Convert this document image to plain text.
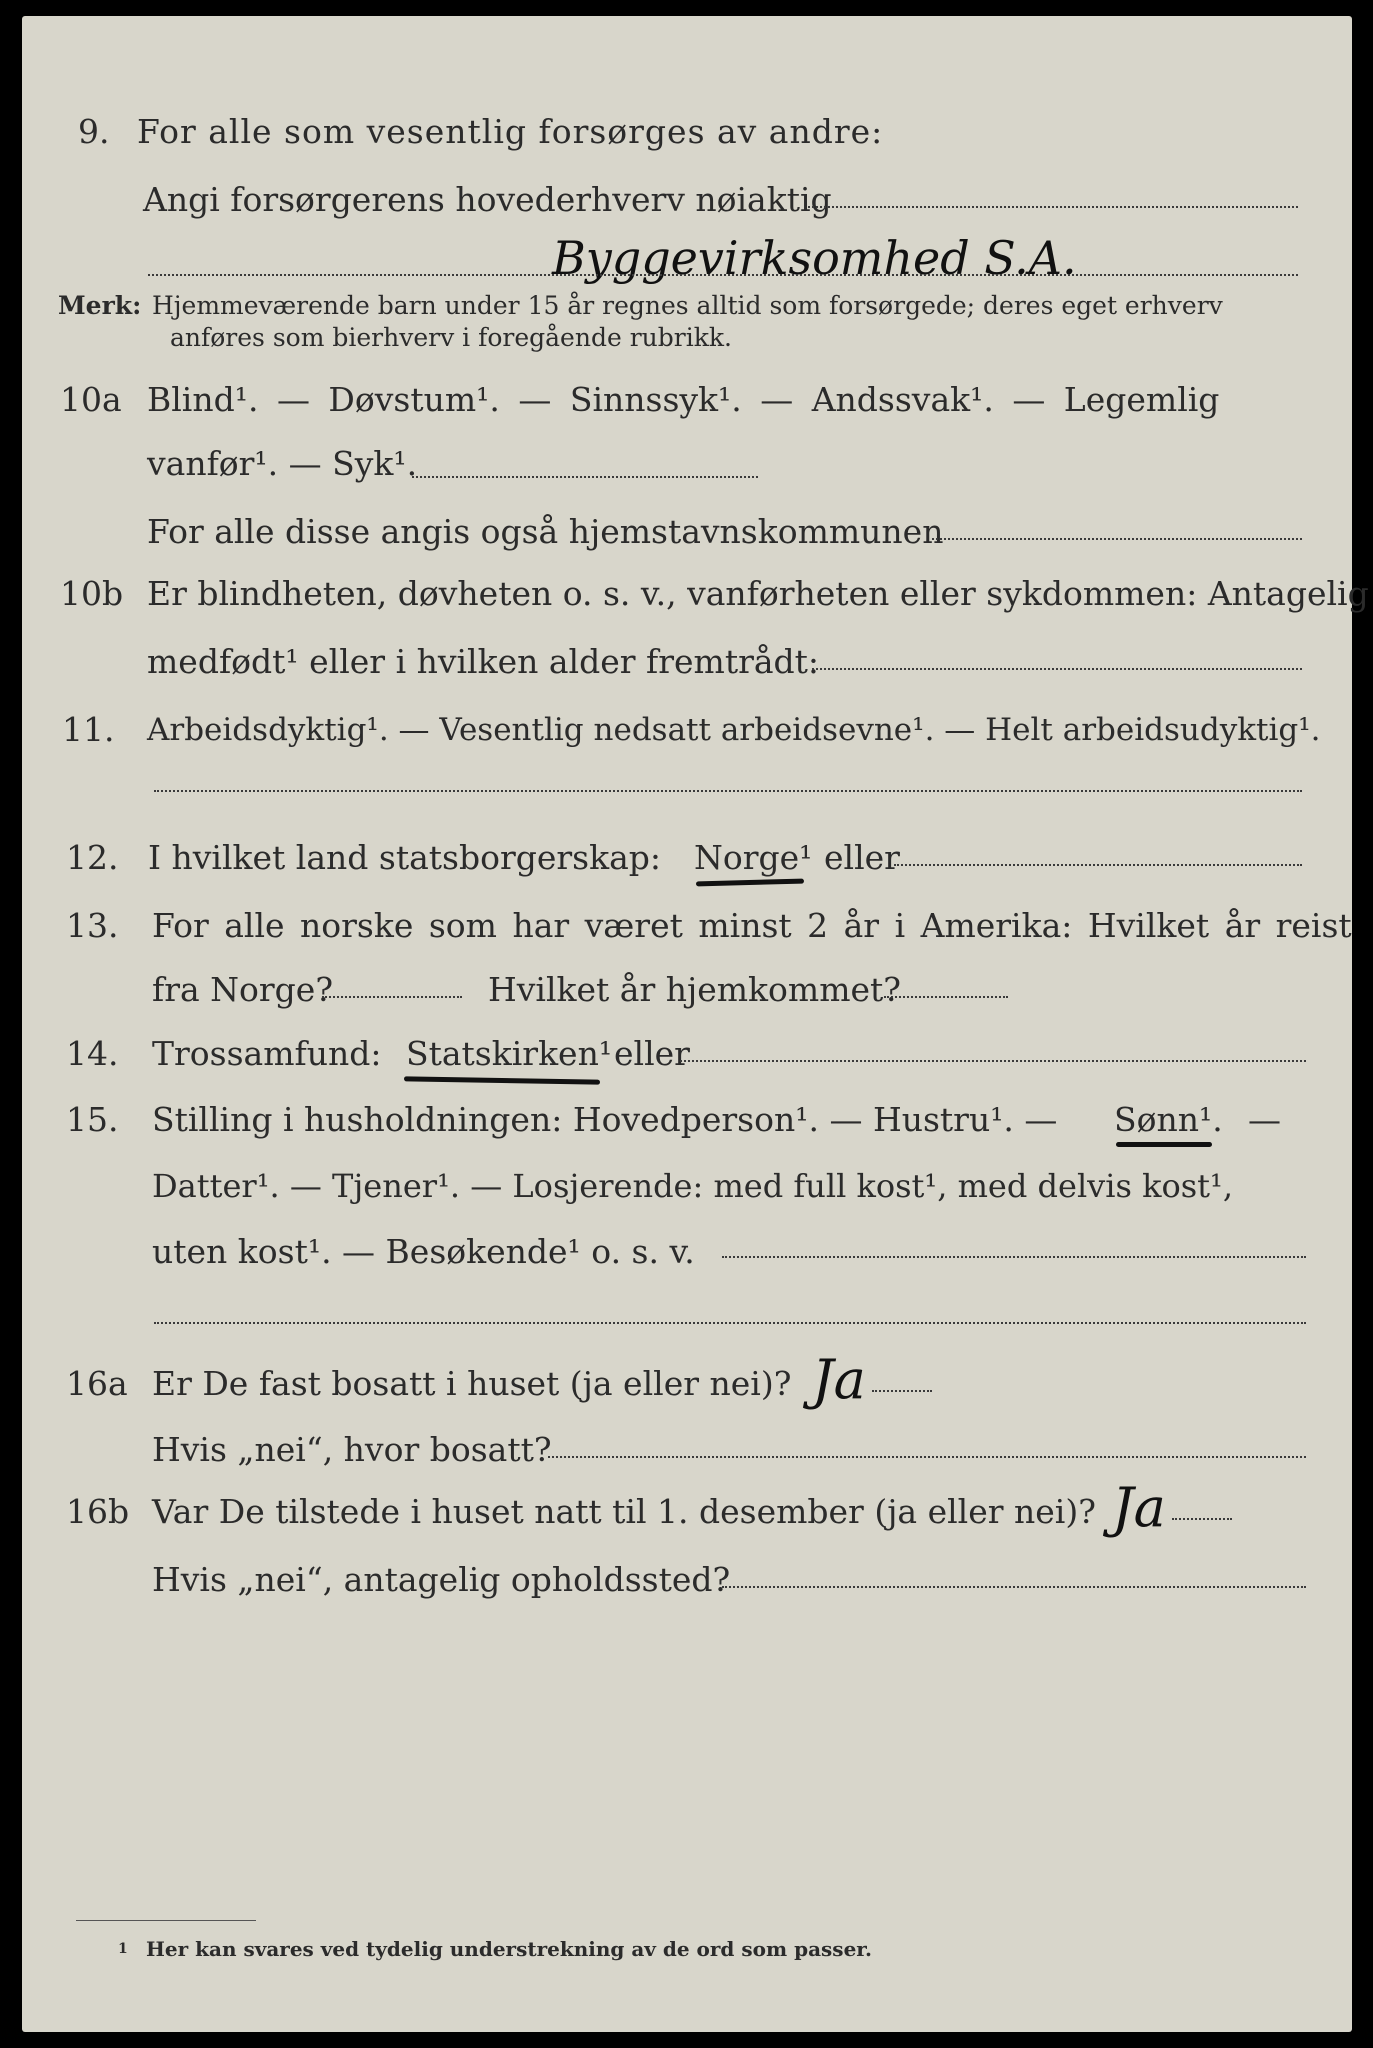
9. For alle som vesentlig forsørges av andre:
Angi forsørgerens hovederhverv nøiaktig
Byggevirksomhed S.A.
Merk: Hjemmeværende barn under 15 år regnes alltid som forsørgede; deres eget erhverv
anføres som bierhverv i foregående rubrikk.
10a Blind¹. — Døvstum¹. — Sinnssyk¹. — Andssvak¹. — Legemlig
vanfør¹. — Syk¹.
For alle disse angis også hjemstavnskommunen
10b Er blindheten, døvheten o. s. v., vanførheten eller sykdommen: Antagelig
medfødt¹ eller i hvilken alder fremtrådt:
11. Arbeidsdyktig¹. — Vesentlig nedsatt arbeidsevne¹. — Helt arbeidsudyktig¹.
12. I hvilket land statsborgerskap: Norge¹ eller
13. For alle norske som har været minst 2 år i Amerika: Hvilket år reist
fra Norge?	Hvilket år hjemkommet?
14. Trossamfund: Statskirken¹ eller
15. Stilling i husholdningen: Hovedperson¹. — Hustru¹. — Sønn¹. —
Datter¹. — Tjener¹. — Losjerende: med full kost¹, med delvis kost¹,
uten kost¹. — Besøkende¹ o. s. v.
16a Er De fast bosatt i huset (ja eller nei)? Ja
Hvis „nei“, hvor bosatt?
16b Var De tilstede i huset natt til 1. desember (ja eller nei)? Ja
Hvis „nei“, antagelig opholdssted?
1 Her kan svares ved tydelig understrekning av de ord som passer.
